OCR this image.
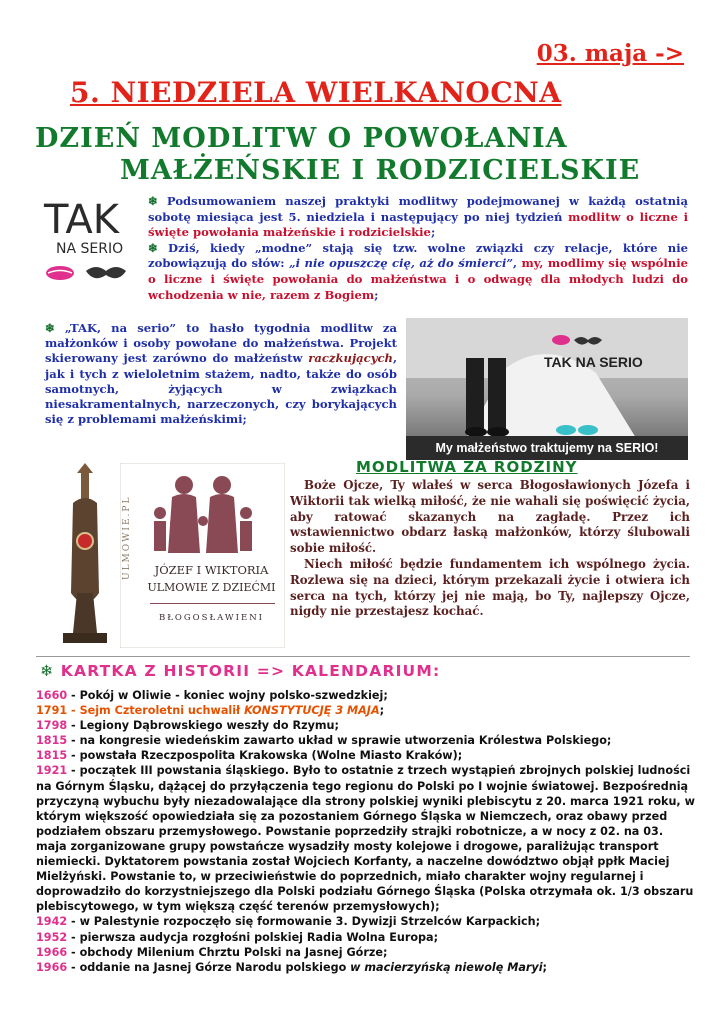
03. maja ->
5. NIEDZIELA WIELKANOCNA
DZIEŃ MODLITW O POWOŁANIA
MAŁŻEŃSKIE I RODZICIELSKIE
TAK
NA SERIO
❄ Podsumowaniem naszej praktyki modlitwy podejmowanej w każdą ostatnią sobotę miesiąca jest 5. niedziela i następujący po niej tydzień modlitw o liczne i święte powołania małżeńskie i rodzicielskie;
❄ Dziś, kiedy „modne” stają się tzw. wolne związki czy relacje, które nie zobowiązują do słów: „i nie opuszczę cię, aż do śmierci”, my, modlimy się wspólnie o liczne i święte powołania do małżeństwa i o odwagę dla młodych ludzi do wchodzenia w nie, razem z Bogiem;
❄ „TAK, na serio” to hasło tygodnia modlitw za małżonków i osoby powołane do małżeństwa. Projekt skierowany jest zarówno do małżeństw raczkujących, jak i tych z wieloletnim stażem, nadto, także do osób samotnych, żyjących w związkach niesakramentalnych, narzeczonych, czy borykających się z problemami małżeńskimi;
TAK NA SERIO
My małżeństwo traktujemy na SERIO!
ULMOWIE.PL	JÓZEF I WIKTORIA
ULMOWIE Z DZIEĆMI
BŁOGOSŁAWIENI
MODLITWA ZA RODZINY

Boże Ojcze, Ty wlałeś w serca Błogosławionych Józefa i Wiktorii tak wielką miłość, że nie wahali się poświęcić życia, aby ratować skazanych na zagładę. Przez ich wstawiennictwo obdarz łaską małżonków, którzy ślubowali sobie miłość.

Niech miłość będzie fundamentem ich wspólnego życia. Rozlewa się na dzieci, którym przekazali życie i otwiera ich serca na tych, którzy jej nie mają, bo Ty, najlepszy Ojcze, nigdy nie przestajesz kochać.

❄ KARTKA Z HISTORII => KALENDARIUM:
1660 - Pokój w Oliwie - koniec wojny polsko-szwedzkiej;
1791 - Sejm Czteroletni uchwalił KONSTYTUCJĘ 3 MAJA;
1798 - Legiony Dąbrowskiego weszły do Rzymu;
1815 - na kongresie wiedeńskim zawarto układ w sprawie utworzenia Królestwa Polskiego;
1815 - powstała Rzeczpospolita Krakowska (Wolne Miasto Kraków);
1921 - początek III powstania śląskiego. Było to ostatnie z trzech wystąpień zbrojnych polskiej ludności na Górnym Śląsku, dążącej do przyłączenia tego regionu do Polski po I wojnie światowej. Bezpośrednią przyczyną wybuchu były niezadowalające dla strony polskiej wyniki plebiscytu z 20. marca 1921 roku, w którym większość opowiedziała się za pozostaniem Górnego Śląska w Niemczech, oraz obawy przed podziałem obszaru przemysłowego. Powstanie poprzedziły strajki robotnicze, a w nocy z 02. na 03. maja zorganizowane grupy powstańcze wysadziły mosty kolejowe i drogowe, paraliżując transport niemiecki. Dyktatorem powstania został Wojciech Korfanty, a naczelne dowództwo objął ppłk Maciej Mielżyński. Powstanie to, w przeciwieństwie do poprzednich, miało charakter wojny regularnej i doprowadziło do korzystniejszego dla Polski podziału Górnego Śląska (Polska otrzymała ok. 1/3 obszaru plebiscytowego, w tym większą część terenów przemysłowych);
1942 - w Palestynie rozpoczęło się formowanie 3. Dywizji Strzelców Karpackich;
1952 - pierwsza audycja rozgłośni polskiej Radia Wolna Europa;
1966 - obchody Milenium Chrztu Polski na Jasnej Górze;
1966 - oddanie na Jasnej Górze Narodu polskiego w macierzyńską niewolę Maryi;
